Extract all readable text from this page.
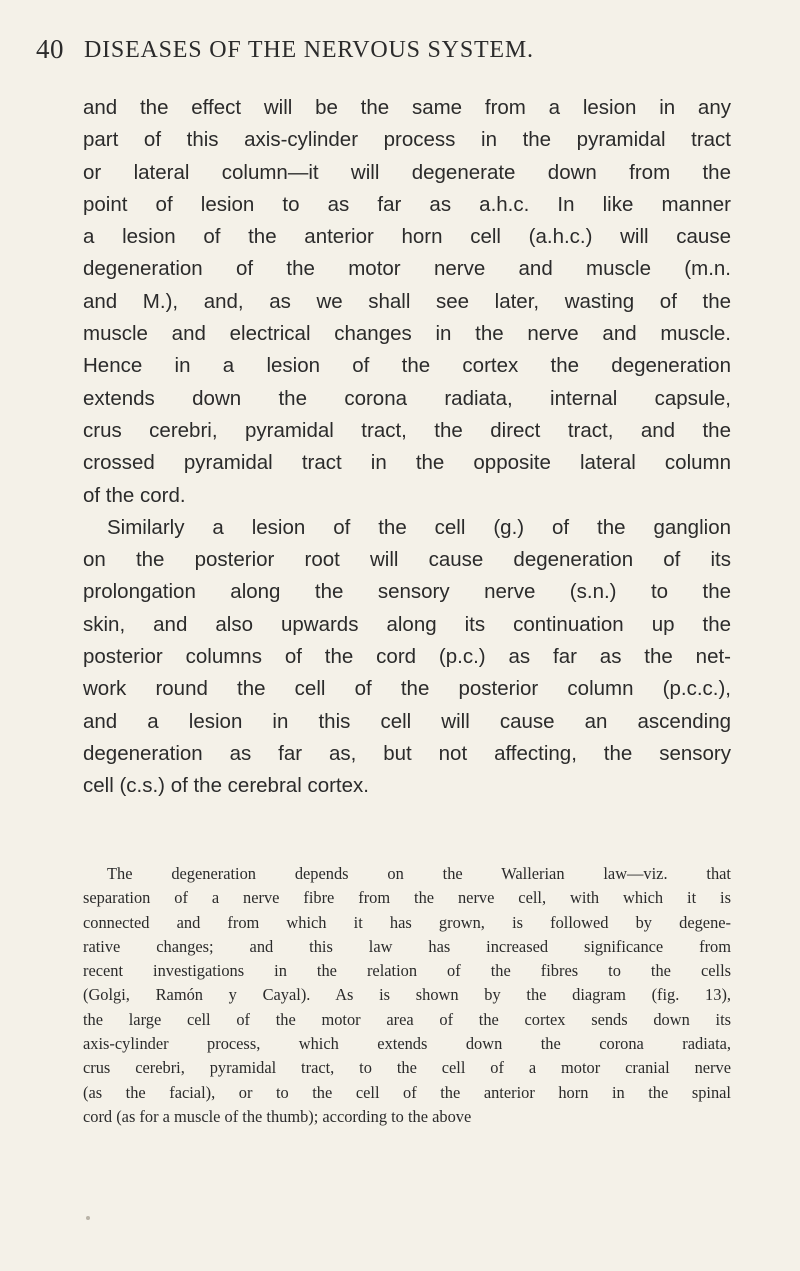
40 DISEASES OF THE NERVOUS SYSTEM.
and the effect will be the same from a lesion in any
part of this axis-cylinder process in the pyramidal tract
or lateral column—it will degenerate down from the
point of lesion to as far as a.h.c. In like manner
a lesion of the anterior horn cell (a.h.c.) will cause
degeneration of the motor nerve and muscle (m.n.
and M.), and, as we shall see later, wasting of the
muscle and electrical changes in the nerve and muscle.
Hence in a lesion of the cortex the degeneration
extends down the corona radiata, internal capsule,
crus cerebri, pyramidal tract, the direct tract, and the
crossed pyramidal tract in the opposite lateral column
of the cord.
Similarly a lesion of the cell (g.) of the ganglion
on the posterior root will cause degeneration of its
prolongation along the sensory nerve (s.n.) to the
skin, and also upwards along its continuation up the
posterior columns of the cord (p.c.) as far as the net-
work round the cell of the posterior column (p.c.c.),
and a lesion in this cell will cause an ascending
degeneration as far as, but not affecting, the sensory
cell (c.s.) of the cerebral cortex.
The degeneration depends on the Wallerian law—viz. that
separation of a nerve fibre from the nerve cell, with which it is
connected and from which it has grown, is followed by degene-
rative changes; and this law has increased significance from
recent investigations in the relation of the fibres to the cells
(Golgi, Ramón y Cayal). As is shown by the diagram (fig. 13),
the large cell of the motor area of the cortex sends down its
axis-cylinder process, which extends down the corona radiata,
crus cerebri, pyramidal tract, to the cell of a motor cranial nerve
(as the facial), or to the cell of the anterior horn in the spinal
cord (as for a muscle of the thumb); according to the above
